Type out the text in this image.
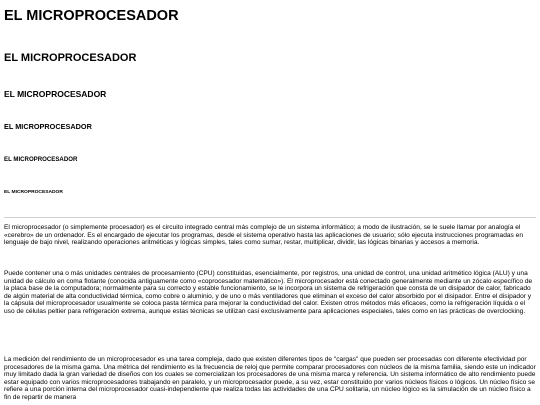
EL MICROPROCESADOR
EL MICROPROCESADOR
EL MICROPROCESADOR
EL MICROPROCESADOR
EL MICROPROCESADOR
EL MICROPROCESADOR

El microprocesador (o simplemente procesador) es el circuito integrado central más complejo de un sistema informático; a modo de ilustración, se le suele llamar por analogía el «cerebro» de un ordenador. Es el encargado de ejecutar los programas, desde el sistema operativo hasta las aplicaciones de usuario; sólo ejecuta instrucciones programadas en lenguaje de bajo nivel, realizando operaciones aritméticas y lógicas simples, tales como sumar, restar, multiplicar, dividir, las lógicas binarias y accesos a memoria.

Puede contener una o más unidades centrales de procesamiento (CPU) constituidas, esencialmente, por registros, una unidad de control, una unidad aritmético lógica (ALU) y una unidad de cálculo en coma flotante (conocida antiguamente como «coprocesador matemático»). El microprocesador está conectado generalmente mediante un zócalo específico de la placa base de la computadora; normalmente para su correcto y estable funcionamiento, se le incorpora un sistema de refrigeración que consta de un disipador de calor, fabricado de algún material de alta conductividad térmica, como cobre o aluminio, y de uno o más ventiladores que eliminan el exceso del calor absorbido por el disipador. Entre el disipador y la cápsula del microprocesador usualmente se coloca pasta térmica para mejorar la conductividad del calor. Existen otros métodos más eficaces, como la refrigeración líquida o el uso de células peltier para refrigeración extrema, aunque estas técnicas se utilizan casi exclusivamente para aplicaciones especiales, tales como en las prácticas de overclocking.

La medición del rendimiento de un microprocesador es una tarea compleja, dado que existen diferentes tipos de "cargas" que pueden ser procesadas con diferente efectividad por procesadores de la misma gama. Una métrica del rendimiento es la frecuencia de reloj que permite comparar procesadores con núcleos de la misma familia, siendo este un indicador muy limitado dada la gran variedad de diseños con los cuales se comercializan los procesadores de una misma marca y referencia. Un sistema informático de alto rendimiento puede estar equipado con varios microprocesadores trabajando en paralelo, y un microprocesador puede, a su vez, estar constituido por varios núcleos físicos o lógicos. Un núcleo físico se refiere a una porción interna del microprocesador cuasi-independiente que realiza todas las actividades de una CPU solitaria, un núcleo lógico es la simulación de un núcleo físico a fin de repartir de manera
